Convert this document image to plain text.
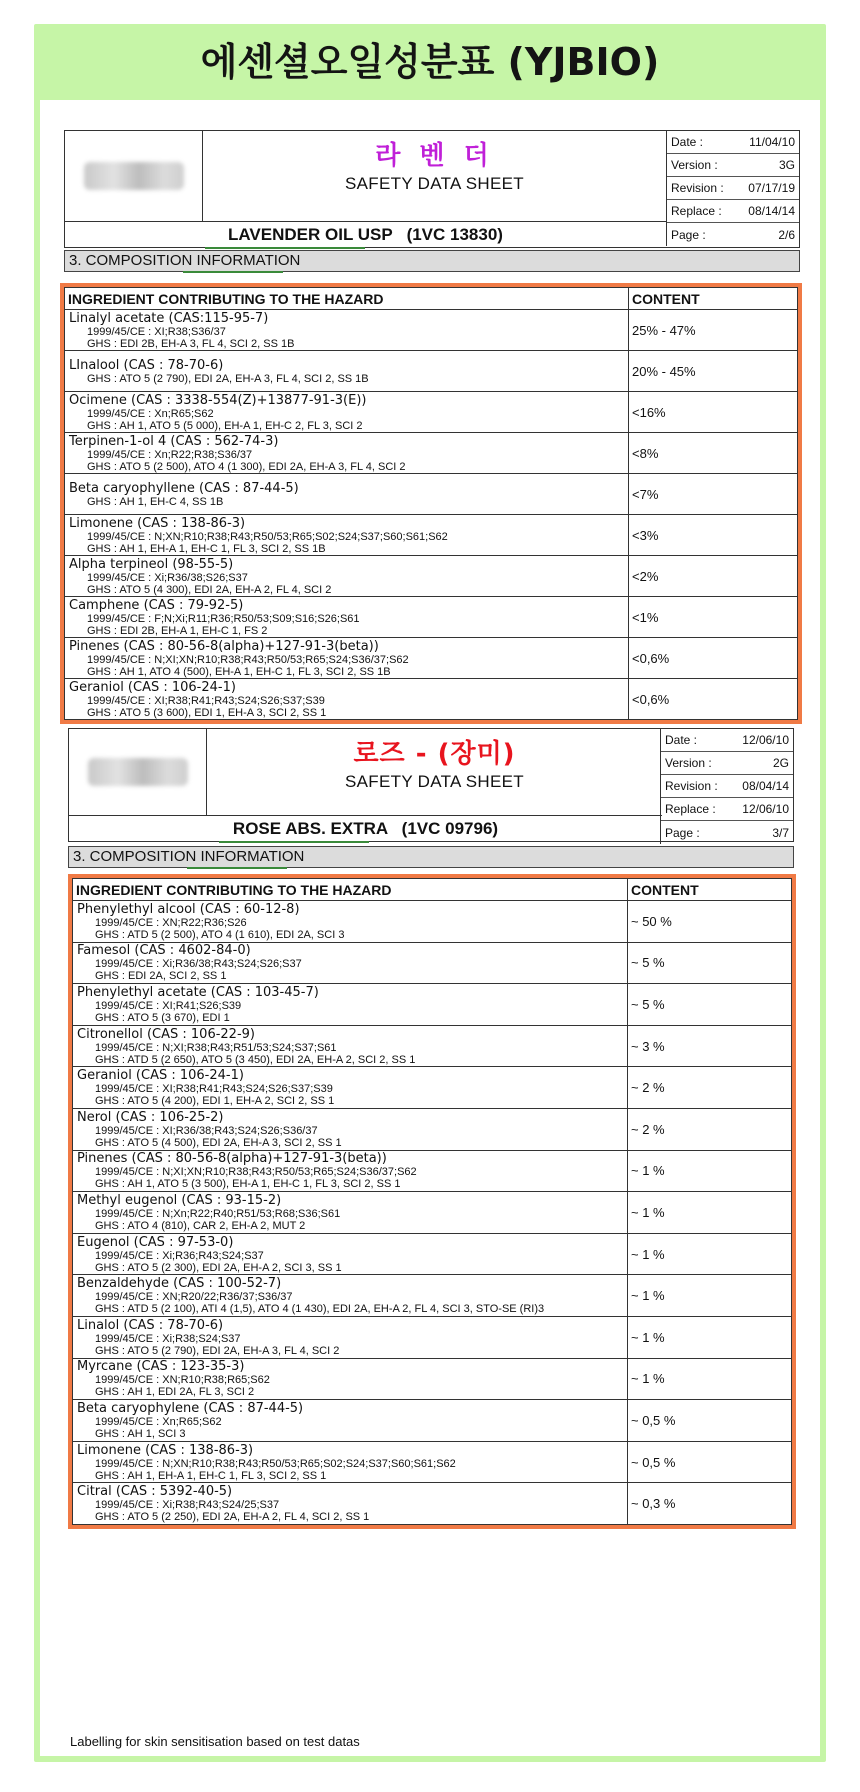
에센셜오일성분표 (YJBIO)
라 벤 더
SAFETY DATA SHEET
Date :	11/04/10
Version :	3G
Revision : 07/17/19
Replace : 08/14/14
Page :	2/6
LAVENDER OIL USP   (1VC 13830)
3. COMPOSITION INFORMATION
INGREDIENT CONTRIBUTING TO THE HAZARD	CONTENT

Linalyl acetate (CAS:115-95-7)
1999/45/CE : XI;R38;S36/37
GHS : EDI 2B, EH-A 3, FL 4, SCI 2, SS 1B	25% - 47%

LInalool (CAS : 78-70-6)
GHS : ATO 5 (2 790), EDI 2A, EH-A 3, FL 4, SCI 2, SS 1B	20% - 45%

Ocimene (CAS : 3338-554(Z)+13877-91-3(E))
1999/45/CE : Xn;R65;S62
GHS : AH 1, ATO 5 (5 000), EH-A 1, EH-C 2, FL 3, SCI 2	<16%

Terpinen-1-ol 4 (CAS : 562-74-3)
1999/45/CE : Xn;R22;R38;S36/37
GHS : ATO 5 (2 500), ATO 4 (1 300), EDI 2A, EH-A 3, FL 4, SCI 2	<8%

Beta caryophyllene (CAS : 87-44-5)
GHS : AH 1, EH-C 4, SS 1B	<7%

Limonene (CAS : 138-86-3)
1999/45/CE : N;XN;R10;R38;R43;R50/53;R65;S02;S24;S37;S60;S61;S62
GHS : AH 1, EH-A 1, EH-C 1, FL 3, SCI 2, SS 1B	<3%

Alpha terpineol (98-55-5)
1999/45/CE : Xi;R36/38;S26;S37
GHS : ATO 5 (4 300), EDI 2A, EH-A 2, FL 4, SCI 2	<2%

Camphene (CAS : 79-92-5)
1999/45/CE : F;N;Xi;R11;R36;R50/53;S09;S16;S26;S61
GHS : EDI 2B, EH-A 1, EH-C 1, FS 2	<1%

Pinenes (CAS : 80-56-8(alpha)+127-91-3(beta))
1999/45/CE : N;XI;XN;R10;R38;R43;R50/53;R65;S24;S36/37;S62
GHS : AH 1, ATO 4 (500), EH-A 1, EH-C 1, FL 3, SCI 2, SS 1B	<0,6%

Geraniol (CAS : 106-24-1)
1999/45/CE : XI;R38;R41;R43;S24;S26;S37;S39
GHS : ATO 5 (3 600), EDI 1, EH-A 3, SCI 2, SS 1	<0,6%
로즈 - (장미)
SAFETY DATA SHEET
Date :	12/06/10
Version :	2G
Revision : 08/04/14
Replace : 12/06/10
Page :	3/7
ROSE ABS. EXTRA   (1VC 09796)
3. COMPOSITION INFORMATION
INGREDIENT CONTRIBUTING TO THE HAZARD	CONTENT

Phenylethyl alcool (CAS : 60-12-8)
1999/45/CE : XN;R22;R36;S26
GHS : ATD 5 (2 500), ATO 4 (1 610), EDI 2A, SCI 3	~ 50 %

Famesol (CAS : 4602-84-0)
1999/45/CE : Xi;R36/38;R43;S24;S26;S37
GHS : EDI 2A, SCI 2, SS 1	~ 5 %

Phenylethyl acetate (CAS : 103-45-7)
1999/45/CE : XI;R41;S26;S39
GHS : ATO 5 (3 670), EDI 1	~ 5 %

Citronellol (CAS : 106-22-9)
1999/45/CE : N;XI;R38;R43;R51/53;S24;S37;S61
GHS : ATD 5 (2 650), ATO 5 (3 450), EDI 2A, EH-A 2, SCI 2, SS 1	~ 3 %

Geraniol (CAS : 106-24-1)
1999/45/CE : XI;R38;R41;R43;S24;S26;S37;S39
GHS : ATO 5 (4 200), EDI 1, EH-A 2, SCI 2, SS 1	~ 2 %

Nerol (CAS : 106-25-2)
1999/45/CE : XI;R36/38;R43;S24;S26;S36/37
GHS : ATO 5 (4 500), EDI 2A, EH-A 3, SCI 2, SS 1	~ 2 %

Pinenes (CAS : 80-56-8(alpha)+127-91-3(beta))
1999/45/CE : N;XI;XN;R10;R38;R43;R50/53;R65;S24;S36/37;S62
GHS : AH 1, ATO 5 (3 500), EH-A 1, EH-C 1, FL 3, SCI 2, SS 1	~ 1 %

Methyl eugenol (CAS : 93-15-2)
1999/45/CE : N;Xn;R22;R40;R51/53;R68;S36;S61
GHS : ATO 4 (810), CAR 2, EH-A 2, MUT 2	~ 1 %

Eugenol (CAS : 97-53-0)
1999/45/CE : Xi;R36;R43;S24;S37
GHS : ATO 5 (2 300), EDI 2A, EH-A 2, SCI 3, SS 1	~ 1 %

Benzaldehyde (CAS : 100-52-7)
1999/45/CE : XN;R20/22;R36/37;S36/37
GHS : ATD 5 (2 100), ATI 4 (1,5), ATO 4 (1 430), EDI 2A, EH-A 2, FL 4, SCI 3, STO-SE (RI)3	~ 1 %

Linalol (CAS : 78-70-6)
1999/45/CE : Xi;R38;S24;S37
GHS : ATO 5 (2 790), EDI 2A, EH-A 3, FL 4, SCI 2	~ 1 %

Myrcane (CAS : 123-35-3)
1999/45/CE : XN;R10;R38;R65;S62
GHS : AH 1, EDI 2A, FL 3, SCI 2	~ 1 %

Beta caryophylene (CAS : 87-44-5)
1999/45/CE : Xn;R65;S62
GHS : AH 1, SCI 3	~ 0,5 %

Limonene (CAS : 138-86-3)
1999/45/CE : N;XN;R10;R38;R43;R50/53;R65;S02;S24;S37;S60;S61;S62
GHS : AH 1, EH-A 1, EH-C 1, FL 3, SCI 2, SS 1	~ 0,5 %

Citral (CAS : 5392-40-5)
1999/45/CE : Xi;R38;R43;S24/25;S37
GHS : ATO 5 (2 250), EDI 2A, EH-A 2, FL 4, SCI 2, SS 1	~ 0,3 %
Labelling for skin sensitisation based on test datas
